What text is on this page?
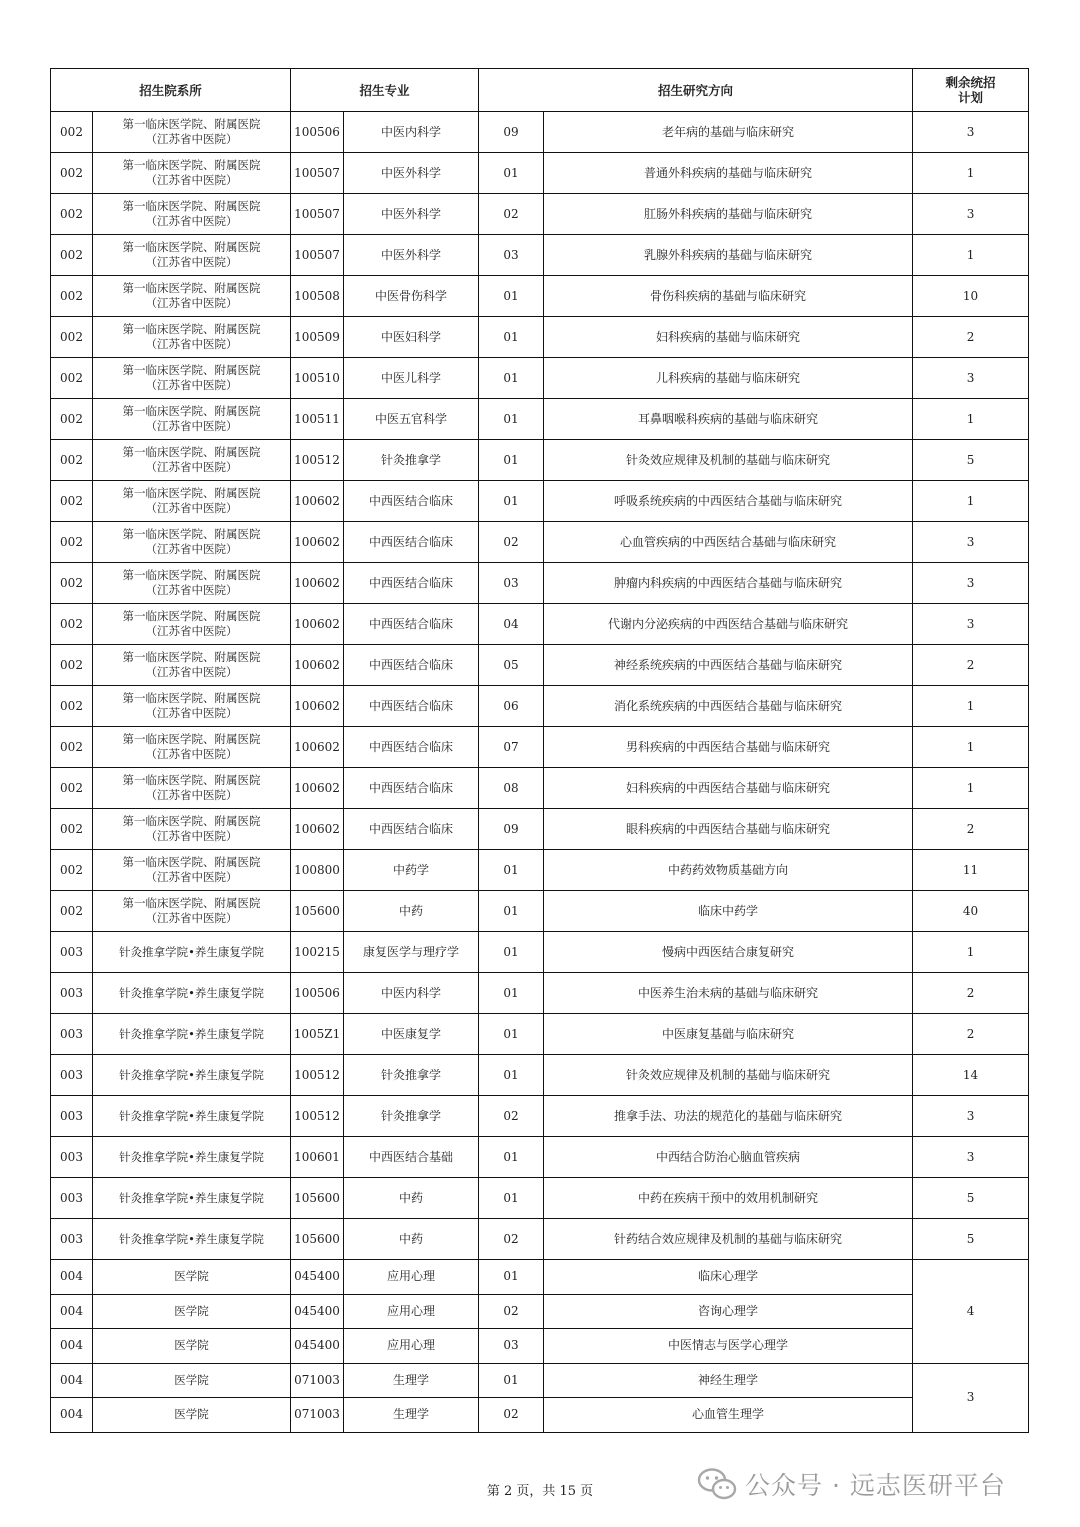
招生院系所		招生专业		招生研究方向		剩余统招
计划
002	第一临床医学院、附属医院
（江苏省中医院）	100506	中医内科学	09	老年病的基础与临床研究	3
002	第一临床医学院、附属医院
（江苏省中医院）	100507	中医外科学	01	普通外科疾病的基础与临床研究	1
002	第一临床医学院、附属医院
（江苏省中医院）	100507	中医外科学	02	肛肠外科疾病的基础与临床研究	3
002	第一临床医学院、附属医院
（江苏省中医院）	100507	中医外科学	03	乳腺外科疾病的基础与临床研究	1
002	第一临床医学院、附属医院
（江苏省中医院）	100508	中医骨伤科学	01	骨伤科疾病的基础与临床研究	10
002	第一临床医学院、附属医院
（江苏省中医院）	100509	中医妇科学	01	妇科疾病的基础与临床研究	2
002	第一临床医学院、附属医院
（江苏省中医院）	100510	中医儿科学	01	儿科疾病的基础与临床研究	3
002	第一临床医学院、附属医院
（江苏省中医院）	100511	中医五官科学	01	耳鼻咽喉科疾病的基础与临床研究	1
002	第一临床医学院、附属医院
（江苏省中医院）	100512	针灸推拿学	01	针灸效应规律及机制的基础与临床研究	5
002	第一临床医学院、附属医院
（江苏省中医院）	100602	中西医结合临床	01	呼吸系统疾病的中西医结合基础与临床研究	1
002	第一临床医学院、附属医院
（江苏省中医院）	100602	中西医结合临床	02	心血管疾病的中西医结合基础与临床研究	3
002	第一临床医学院、附属医院
（江苏省中医院）	100602	中西医结合临床	03	肿瘤内科疾病的中西医结合基础与临床研究	3
002	第一临床医学院、附属医院
（江苏省中医院）	100602	中西医结合临床	04	代谢内分泌疾病的中西医结合基础与临床研究	3
002	第一临床医学院、附属医院
（江苏省中医院）	100602	中西医结合临床	05	神经系统疾病的中西医结合基础与临床研究	2
002	第一临床医学院、附属医院
（江苏省中医院）	100602	中西医结合临床	06	消化系统疾病的中西医结合基础与临床研究	1
002	第一临床医学院、附属医院
（江苏省中医院）	100602	中西医结合临床	07	男科疾病的中西医结合基础与临床研究	1
002	第一临床医学院、附属医院
（江苏省中医院）	100602	中西医结合临床	08	妇科疾病的中西医结合基础与临床研究	1
002	第一临床医学院、附属医院
（江苏省中医院）	100602	中西医结合临床	09	眼科疾病的中西医结合基础与临床研究	2
002	第一临床医学院、附属医院
（江苏省中医院）	100800	中药学	01	中药药效物质基础方向	11
002	第一临床医学院、附属医院
（江苏省中医院）	105600	中药	01	临床中药学	40
003	针灸推拿学院•养生康复学院	100215	康复医学与理疗学	01	慢病中西医结合康复研究	1
003	针灸推拿学院•养生康复学院	100506	中医内科学	01	中医养生治未病的基础与临床研究	2
003	针灸推拿学院•养生康复学院	1005Z1	中医康复学	01	中医康复基础与临床研究	2
003	针灸推拿学院•养生康复学院	100512	针灸推拿学	01	针灸效应规律及机制的基础与临床研究	14
003	针灸推拿学院•养生康复学院	100512	针灸推拿学	02	推拿手法、功法的规范化的基础与临床研究	3
003	针灸推拿学院•养生康复学院	100601	中西医结合基础	01	中西结合防治心脑血管疾病	3
003	针灸推拿学院•养生康复学院	105600	中药	01	中药在疾病干预中的效用机制研究	5
003	针灸推拿学院•养生康复学院	105600	中药	02	针药结合效应规律及机制的基础与临床研究	5
004	医学院	045400	应用心理	01	临床心理学	4
004	医学院	045400	应用心理	02	咨询心理学	
004	医学院	045400	应用心理	03	中医情志与医学心理学	
004	医学院	071003	生理学	01	神经生理学	3
004	医学院	071003	生理学	02	心血管生理学	
第 2 页，共 15 页	公众号 · 远志医研平台
